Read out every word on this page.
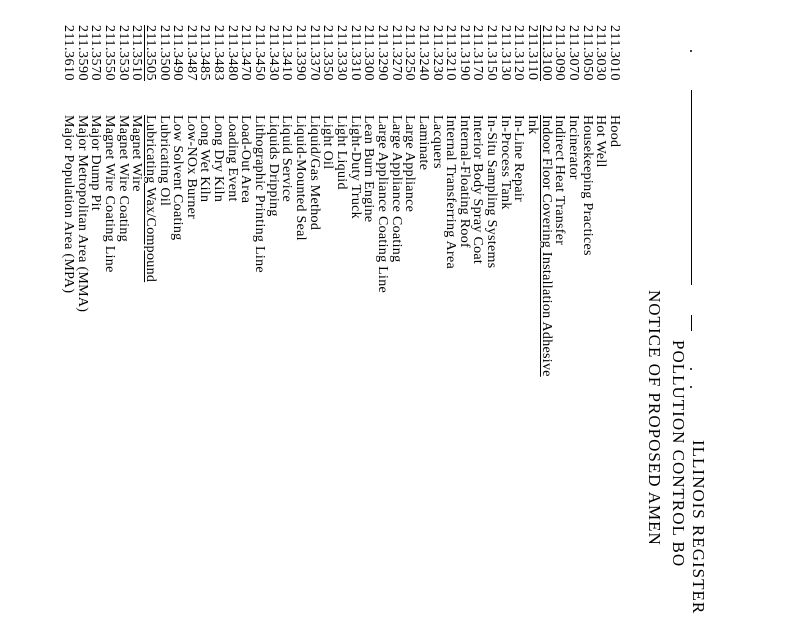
ILLINOIS REGISTER
POLLUTION CONTROL BO
NOTICE OF PROPOSED AMEN
211.3010
Hood
211.3030
Hot Well
211.3050
Housekeeping Practices
211.3070
Incinerator
211.3090
Indirect Heat Transfer
211.3100
Indoor Floor Covering Installation Adhesive
211.3110
Ink
211.3120
In-Line Repair
211.3130
In-Process Tank
211.3150
In-Situ Sampling Systems
211.3170
Interior Body Spray Coat
211.3190
Internal-Floating Roof
211.3210
Internal Transferring Area
211.3230
Lacquers
211.3240
Laminate
211.3250
Large Appliance
211.3270
Large Appliance Coating
211.3290
Large Appliance Coating Line
211.3300
Lean Burn Engine
211.3310
Light-Duty Truck
211.3330
Light Liquid
211.3350
Light Oil
211.3370
Liquid/Gas Method
211.3390
Liquid-Mounted Seal
211.3410
Liquid Service
211.3430
Liquids Dripping
211.3450
Lithographic Printing Line
211.3470
Load-Out Area
211.3480
Loading Event
211.3483
Long Dry Kiln
211.3485
Long Wet Kiln
211.3487
Low-NOx Burner
211.3490
Low Solvent Coating
211.3500
Lubricating Oil
211.3505
Lubricating Wax/Compound
211.3510
Magnet Wire
211.3530
Magnet Wire Coating
211.3550
Magnet Wire Coating Line
211.3570
Major Dump Pit
211.3590
Major Metropolitan Area (MMA)
211.3610
Major Population Area (MPA)
